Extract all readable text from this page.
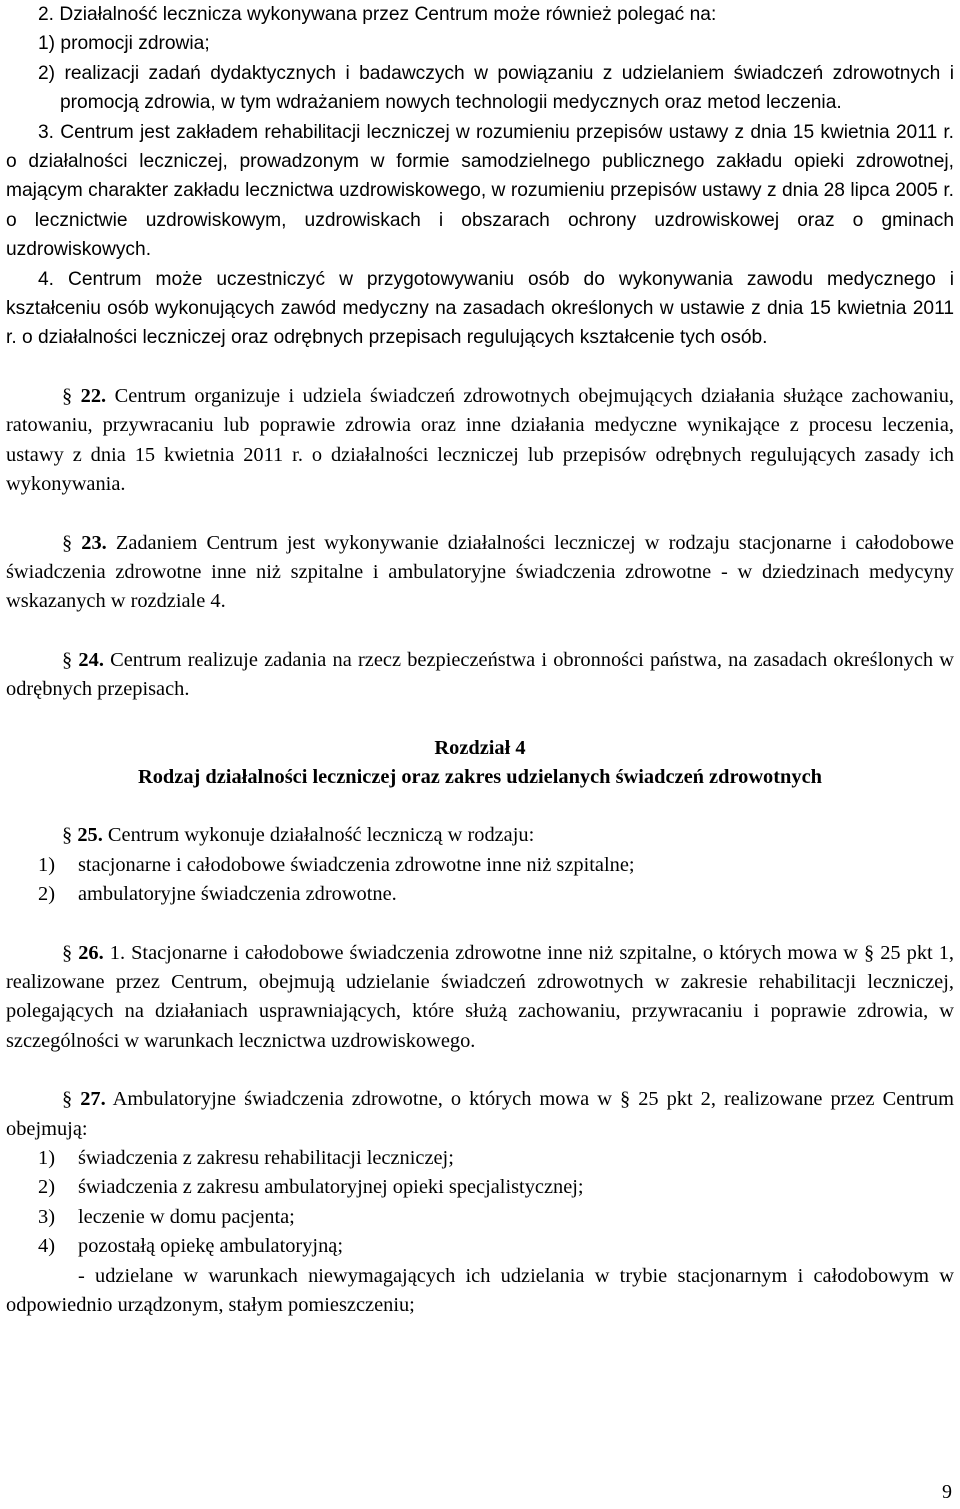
2. Działalność lecznicza wykonywana przez Centrum może również polegać na:

1) promocji zdrowia;

2) realizacji zadań dydaktycznych i badawczych w powiązaniu z udzielaniem świadczeń zdrowotnych i promocją zdrowia, w tym wdrażaniem nowych technologii medycznych oraz metod leczenia.

3. Centrum jest zakładem rehabilitacji leczniczej w rozumieniu przepisów ustawy z dnia 15 kwietnia 2011 r. o działalności leczniczej, prowadzonym w formie samodzielnego publicznego zakładu opieki zdrowotnej, mającym charakter zakładu lecznictwa uzdrowiskowego, w rozumieniu przepisów ustawy z dnia 28 lipca 2005 r. o lecznictwie uzdrowiskowym, uzdrowiskach i obszarach ochrony uzdrowiskowej oraz o gminach uzdrowiskowych.

4. Centrum może uczestniczyć w przygotowywaniu osób do wykonywania zawodu medycznego i kształceniu osób wykonujących zawód medyczny na zasadach określonych w ustawie z dnia 15 kwietnia 2011 r. o działalności leczniczej oraz odrębnych przepisach regulujących kształcenie tych osób.

§ 22. Centrum organizuje i udziela świadczeń zdrowotnych obejmujących działania służące zachowaniu, ratowaniu, przywracaniu lub poprawie zdrowia oraz inne działania medyczne wynikające z procesu leczenia, ustawy z dnia 15 kwietnia 2011 r. o działalności leczniczej lub przepisów odrębnych regulujących zasady ich wykonywania.

§ 23. Zadaniem Centrum jest wykonywanie działalności leczniczej w rodzaju stacjonarne i całodobowe świadczenia zdrowotne inne niż szpitalne i ambulatoryjne świadczenia zdrowotne - w dziedzinach medycyny wskazanych w rozdziale 4.

§ 24. Centrum realizuje zadania na rzecz bezpieczeństwa i obronności państwa, na zasadach określonych w odrębnych przepisach.

Rozdział 4

Rodzaj działalności leczniczej oraz zakres udzielanych świadczeń zdrowotnych

§ 25. Centrum wykonuje działalność leczniczą w rodzaju:

1) stacjonarne i całodobowe świadczenia zdrowotne inne niż szpitalne;

2) ambulatoryjne świadczenia zdrowotne.

§ 26. 1. Stacjonarne i całodobowe świadczenia zdrowotne inne niż szpitalne, o których mowa w § 25 pkt 1, realizowane przez Centrum, obejmują udzielanie świadczeń zdrowotnych w zakresie rehabilitacji leczniczej, polegających na działaniach usprawniających, które służą zachowaniu, przywracaniu i poprawie zdrowia, w szczególności w warunkach lecznictwa uzdrowiskowego.

§ 27. Ambulatoryjne świadczenia zdrowotne, o których mowa w § 25 pkt 2, realizowane przez Centrum obejmują:

1) świadczenia z zakresu rehabilitacji leczniczej;

2) świadczenia z zakresu ambulatoryjnej opieki specjalistycznej;

3) leczenie w domu pacjenta;

4) pozostałą opiekę ambulatoryjną;

- udzielane w warunkach niewymagających ich udzielania w trybie stacjonarnym i całodobowym w odpowiednio urządzonym, stałym pomieszczeniu;

9
